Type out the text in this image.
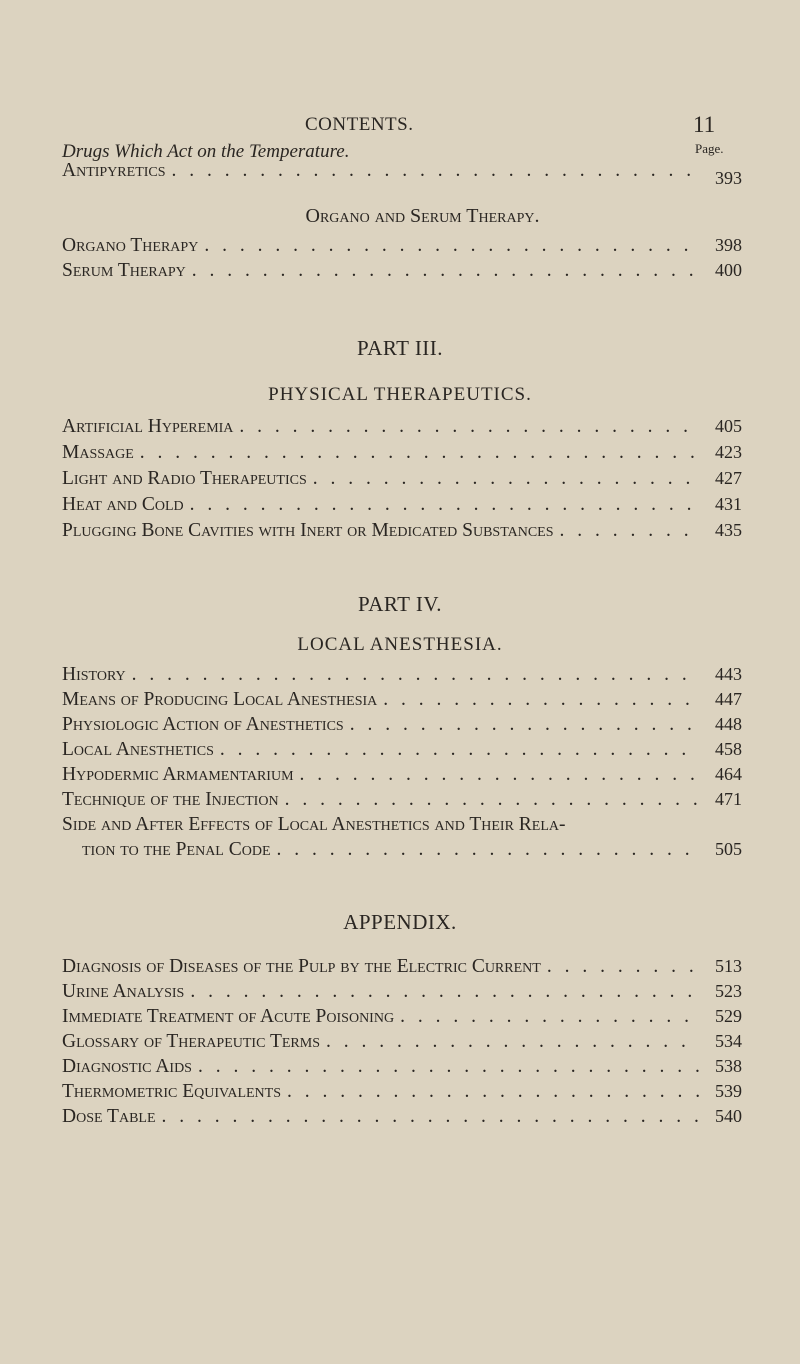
CONTENTS.	11
Page.
Drugs Which Act on the Temperature.
Antipyretics . . .	393
Organo and Serum Therapy.
Organo Therapy . . .	398
Serum Therapy . . .	400
PART III.
PHYSICAL THERAPEUTICS.
Artificial Hyperemia . . .	405
Massage . . .	423
Light and Radio Therapeutics . . .	427
Heat and Cold . . .	431
Plugging Bone Cavities with Inert or Medicated Substances . . .	435
PART IV.
LOCAL ANESTHESIA.
History . . .	443
Means of Producing Local Anesthesia . . .	447
Physiologic Action of Anesthetics . . .	448
Local Anesthetics . . .	458
Hypodermic Armamentarium . . .	464
Technique of the Injection . . .	471
Side and After Effects of Local Anesthetics and Their Rela-
tion to the Penal Code . . .	505
APPENDIX.
Diagnosis of Diseases of the Pulp by the Electric Current . . .	513
Urine Analysis . . .	523
Immediate Treatment of Acute Poisoning . . .	529
Glossary of Therapeutic Terms . . .	534
Diagnostic Aids . . .	538
Thermometric Equivalents . . .	539
Dose Table . . .	540
